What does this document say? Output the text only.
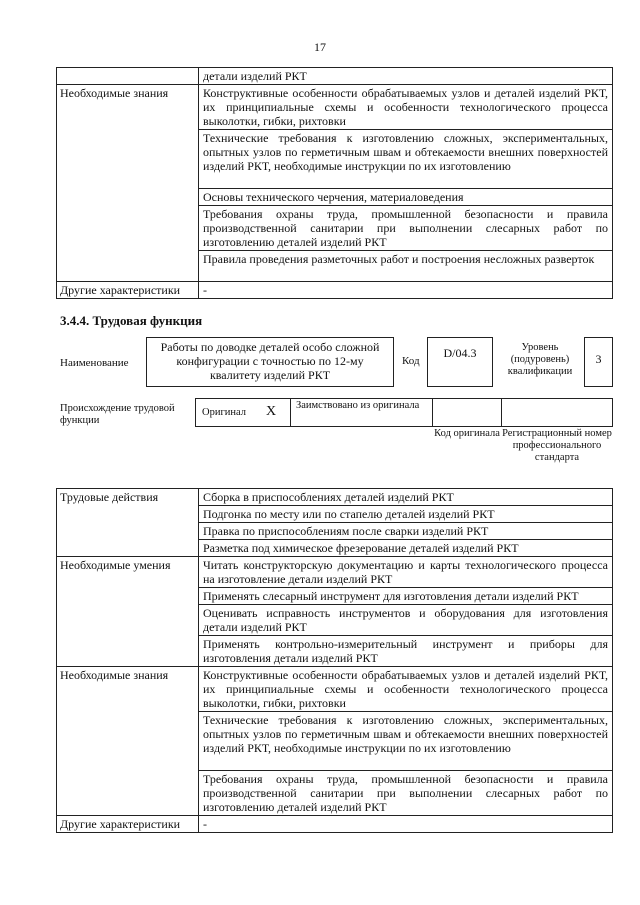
17
	детали изделий РКТ
Необходимые знания	Конструктивные особенности обрабатываемых узлов и деталей изделий РКТ, их принципиальные схемы и особенности технологического процесса выколотки, гибки, рихтовки
	Технические требования к изготовлению сложных, экспериментальных, опытных узлов по герметичным швам и обтекаемости внешних поверхностей изделий РКТ, необходимые инструкции по их изготовлению
	Основы технического черчения, материаловедения
	Требования охраны труда, промышленной безопасности и правила производственной санитарии при выполнении слесарных работ по изготовлению деталей изделий РКТ
	Правила проведения разметочных работ и построения несложных разверток
Другие характеристики	-
3.4.4. Трудовая функция
Наименование
Работы по доводке деталей особо сложной конфигурации с точностью по 12-му квалитету изделий РКТ
Код
D/04.3	Уровень (подуровень) квалификации
3
Происхождение трудовой функции
Оригинал X Заимствовано из оригинала
Код оригинала Регистрационный номер профессионального стандарта
Трудовые действия	Сборка в приспособлениях деталей изделий РКТ
	Подгонка по месту или по стапелю деталей изделий РКТ
	Правка по приспособлениям после сварки изделий РКТ
	Разметка под химическое фрезерование деталей изделий РКТ
Необходимые умения	Читать конструкторскую документацию и карты технологического процесса на изготовление детали изделий РКТ
	Применять слесарный инструмент для изготовления детали изделий РКТ
	Оценивать исправность инструментов и оборудования для изготовления детали изделий РКТ
	Применять контрольно-измерительный инструмент и приборы для изготовления детали изделий РКТ
Необходимые знания	Конструктивные особенности обрабатываемых узлов и деталей изделий РКТ, их принципиальные схемы и особенности технологического процесса выколотки, гибки, рихтовки
	Технические требования к изготовлению сложных, экспериментальных, опытных узлов по герметичным швам и обтекаемости внешних поверхностей изделий РКТ, необходимые инструкции по их изготовлению
	Требования охраны труда, промышленной безопасности и правила производственной санитарии при выполнении слесарных работ по изготовлению деталей изделий РКТ
Другие характеристики	-
